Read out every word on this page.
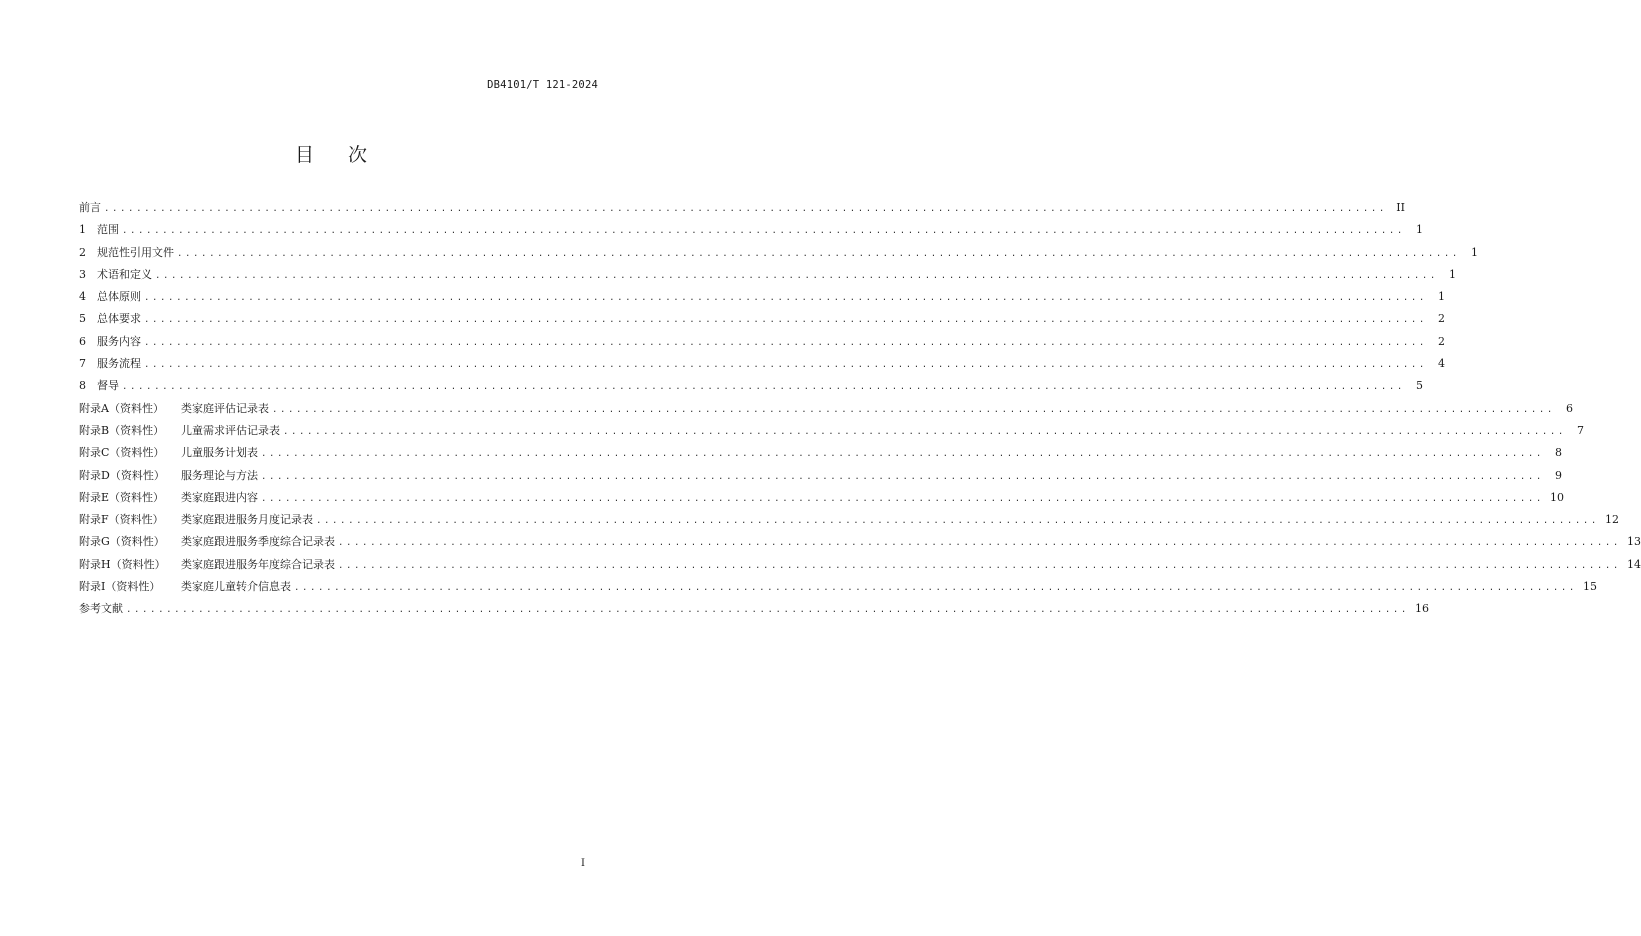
DB4101/T 121-2024
目次
前言 ................................................................................................................................................................ II
1	范围 ................................................................................................................................................................	1
2	规范性引用文件 ................................................................................................................................................................	1
3	术语和定义 ................................................................................................................................................................	1
4	总体原则 ................................................................................................................................................................	1
5	总体要求 ................................................................................................................................................................	2
6	服务内容 ................................................................................................................................................................	2
7	服务流程 ................................................................................................................................................................	4
8	督导 ................................................................................................................................................................	5
附录A（资料性）	类家庭评估记录表 ................................................................................................................................................................	6
附录B（资料性）	儿童需求评估记录表 ................................................................................................................................................................	7
附录C（资料性）	儿童服务计划表 ................................................................................................................................................................	8
附录D（资料性）	服务理论与方法 ................................................................................................................................................................	9
附录E（资料性）	类家庭跟进内容 ................................................................................................................................................................ 10
附录F（资料性）	类家庭跟进服务月度记录表 ................................................................................................................................................................ 12
附录G（资料性）	类家庭跟进服务季度综合记录表 ................................................................................................................................................................ 13
附录H（资料性）	类家庭跟进服务年度综合记录表 ................................................................................................................................................................ 14
附录I（资料性）	类家庭儿童转介信息表 ................................................................................................................................................................ 15
参考文献 ................................................................................................................................................................ 16
I
